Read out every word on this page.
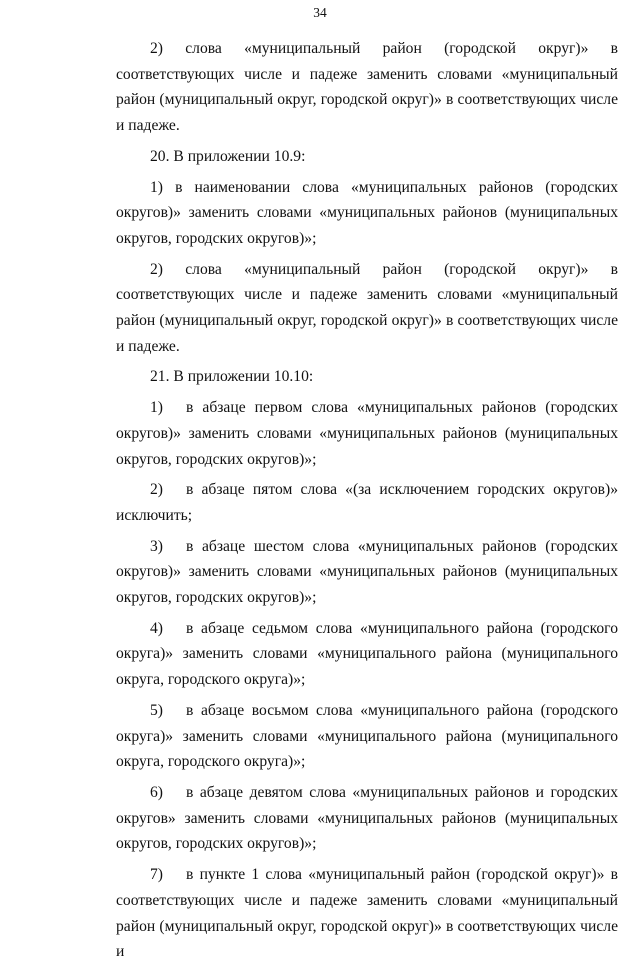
34

2) слова «муниципальный район (городской округ)» в соответствующих числе и падеже заменить словами «муниципальный район (муниципальный округ, городской округ)» в соответствующих числе и падеже.

20. В приложении 10.9:

1) в наименовании слова «муниципальных районов (городских округов)» заменить словами «муниципальных районов (муниципальных округов, городских округов)»;

2) слова «муниципальный район (городской округ)» в соответствующих числе и падеже заменить словами «муниципальный район (муниципальный округ, городской округ)» в соответствующих числе и падеже.

21. В приложении 10.10:

1) в абзаце первом слова «муниципальных районов (городских округов)» заменить словами «муниципальных районов (муниципальных округов, городских округов)»;

2) в абзаце пятом слова «(за исключением городских округов)» исключить;

3) в абзаце шестом слова «муниципальных районов (городских округов)» заменить словами «муниципальных районов (муниципальных округов, городских округов)»;

4) в абзаце седьмом слова «муниципального района (городского округа)» заменить словами «муниципального района (муниципального округа, городского округа)»;

5) в абзаце восьмом слова «муниципального района (городского округа)» заменить словами «муниципального района (муниципального округа, городского округа)»;

6) в абзаце девятом слова «муниципальных районов и городских округов» заменить словами «муниципальных районов (муниципальных округов, городских округов)»;

7) в пункте 1 слова «муниципальный район (городской округ)» в соответствующих числе и падеже заменить словами «муниципальный район (муниципальный округ, городской округ)» в соответствующих числе и
